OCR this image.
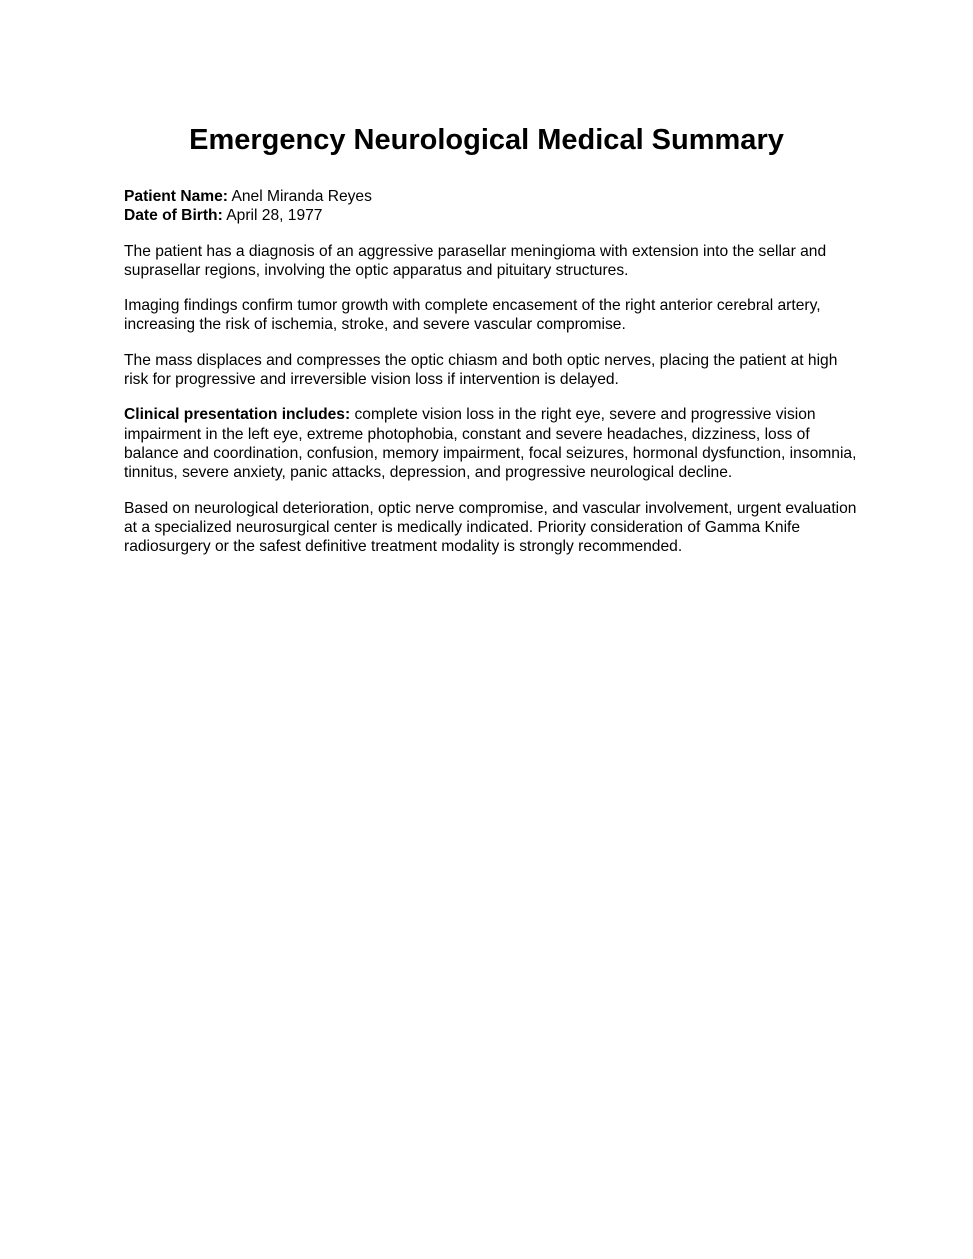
Emergency Neurological Medical Summary

Patient Name: Anel Miranda Reyes

Date of Birth: April 28, 1977

The patient has a diagnosis of an aggressive parasellar meningioma with extension into the sellar and suprasellar regions, involving the optic apparatus and pituitary structures.

Imaging findings confirm tumor growth with complete encasement of the right anterior cerebral artery, increasing the risk of ischemia, stroke, and severe vascular compromise.

The mass displaces and compresses the optic chiasm and both optic nerves, placing the patient at high risk for progressive and irreversible vision loss if intervention is delayed.

Clinical presentation includes: complete vision loss in the right eye, severe and progressive vision impairment in the left eye, extreme photophobia, constant and severe headaches, dizziness, loss of balance and coordination, confusion, memory impairment, focal seizures, hormonal dysfunction, insomnia, tinnitus, severe anxiety, panic attacks, depression, and progressive neurological decline.

Based on neurological deterioration, optic nerve compromise, and vascular involvement, urgent evaluation at a specialized neurosurgical center is medically indicated. Priority consideration of Gamma Knife radiosurgery or the safest definitive treatment modality is strongly recommended.
